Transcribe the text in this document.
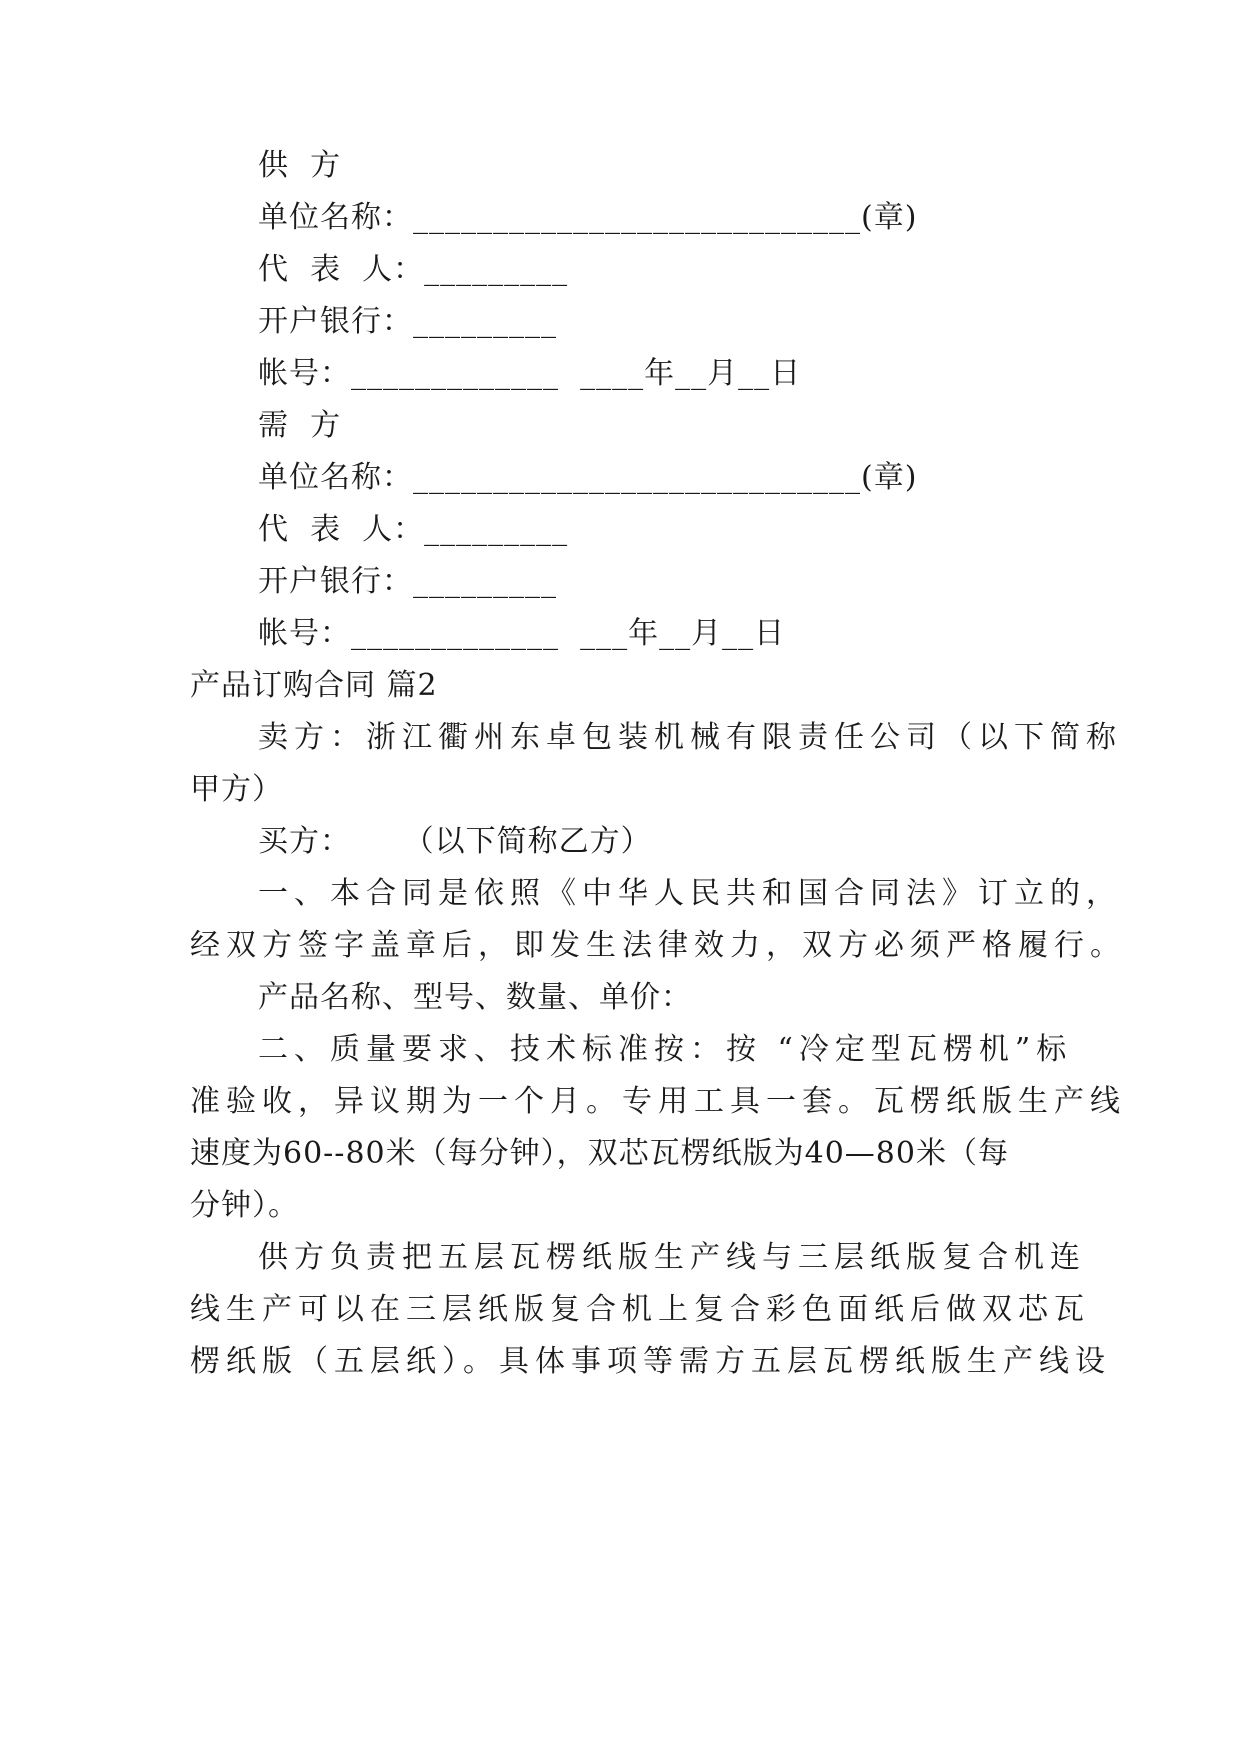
供  方
单位名称：____________________________(章)
代  表  人：_________
开户银行：_________
帐号：_____________  ____年__月__日
需  方
单位名称：____________________________(章)
代  表  人：_________
开户银行：_________
帐号：_____________  ___年__月__日
产品订购合同 篇2
卖方：浙江衢州东卓包装机械有限责任公司（以下简称
甲方）
买方：     （以下简称乙方）
一、本合同是依照《中华人民共和国合同法》订立的，
经双方签字盖章后，即发生法律效力，双方必须严格履行。
产品名称、型号、数量、单价：
二、质量要求、技术标准按：按 “冷定型瓦楞机”标
准验收，异议期为一个月。专用工具一套。瓦楞纸版生产线
速度为60--80米（每分钟），双芯瓦楞纸版为40—80米（每
分钟）。
供方负责把五层瓦楞纸版生产线与三层纸版复合机连
线生产可以在三层纸版复合机上复合彩色面纸后做双芯瓦
楞纸版（五层纸）。具体事项等需方五层瓦楞纸版生产线设
